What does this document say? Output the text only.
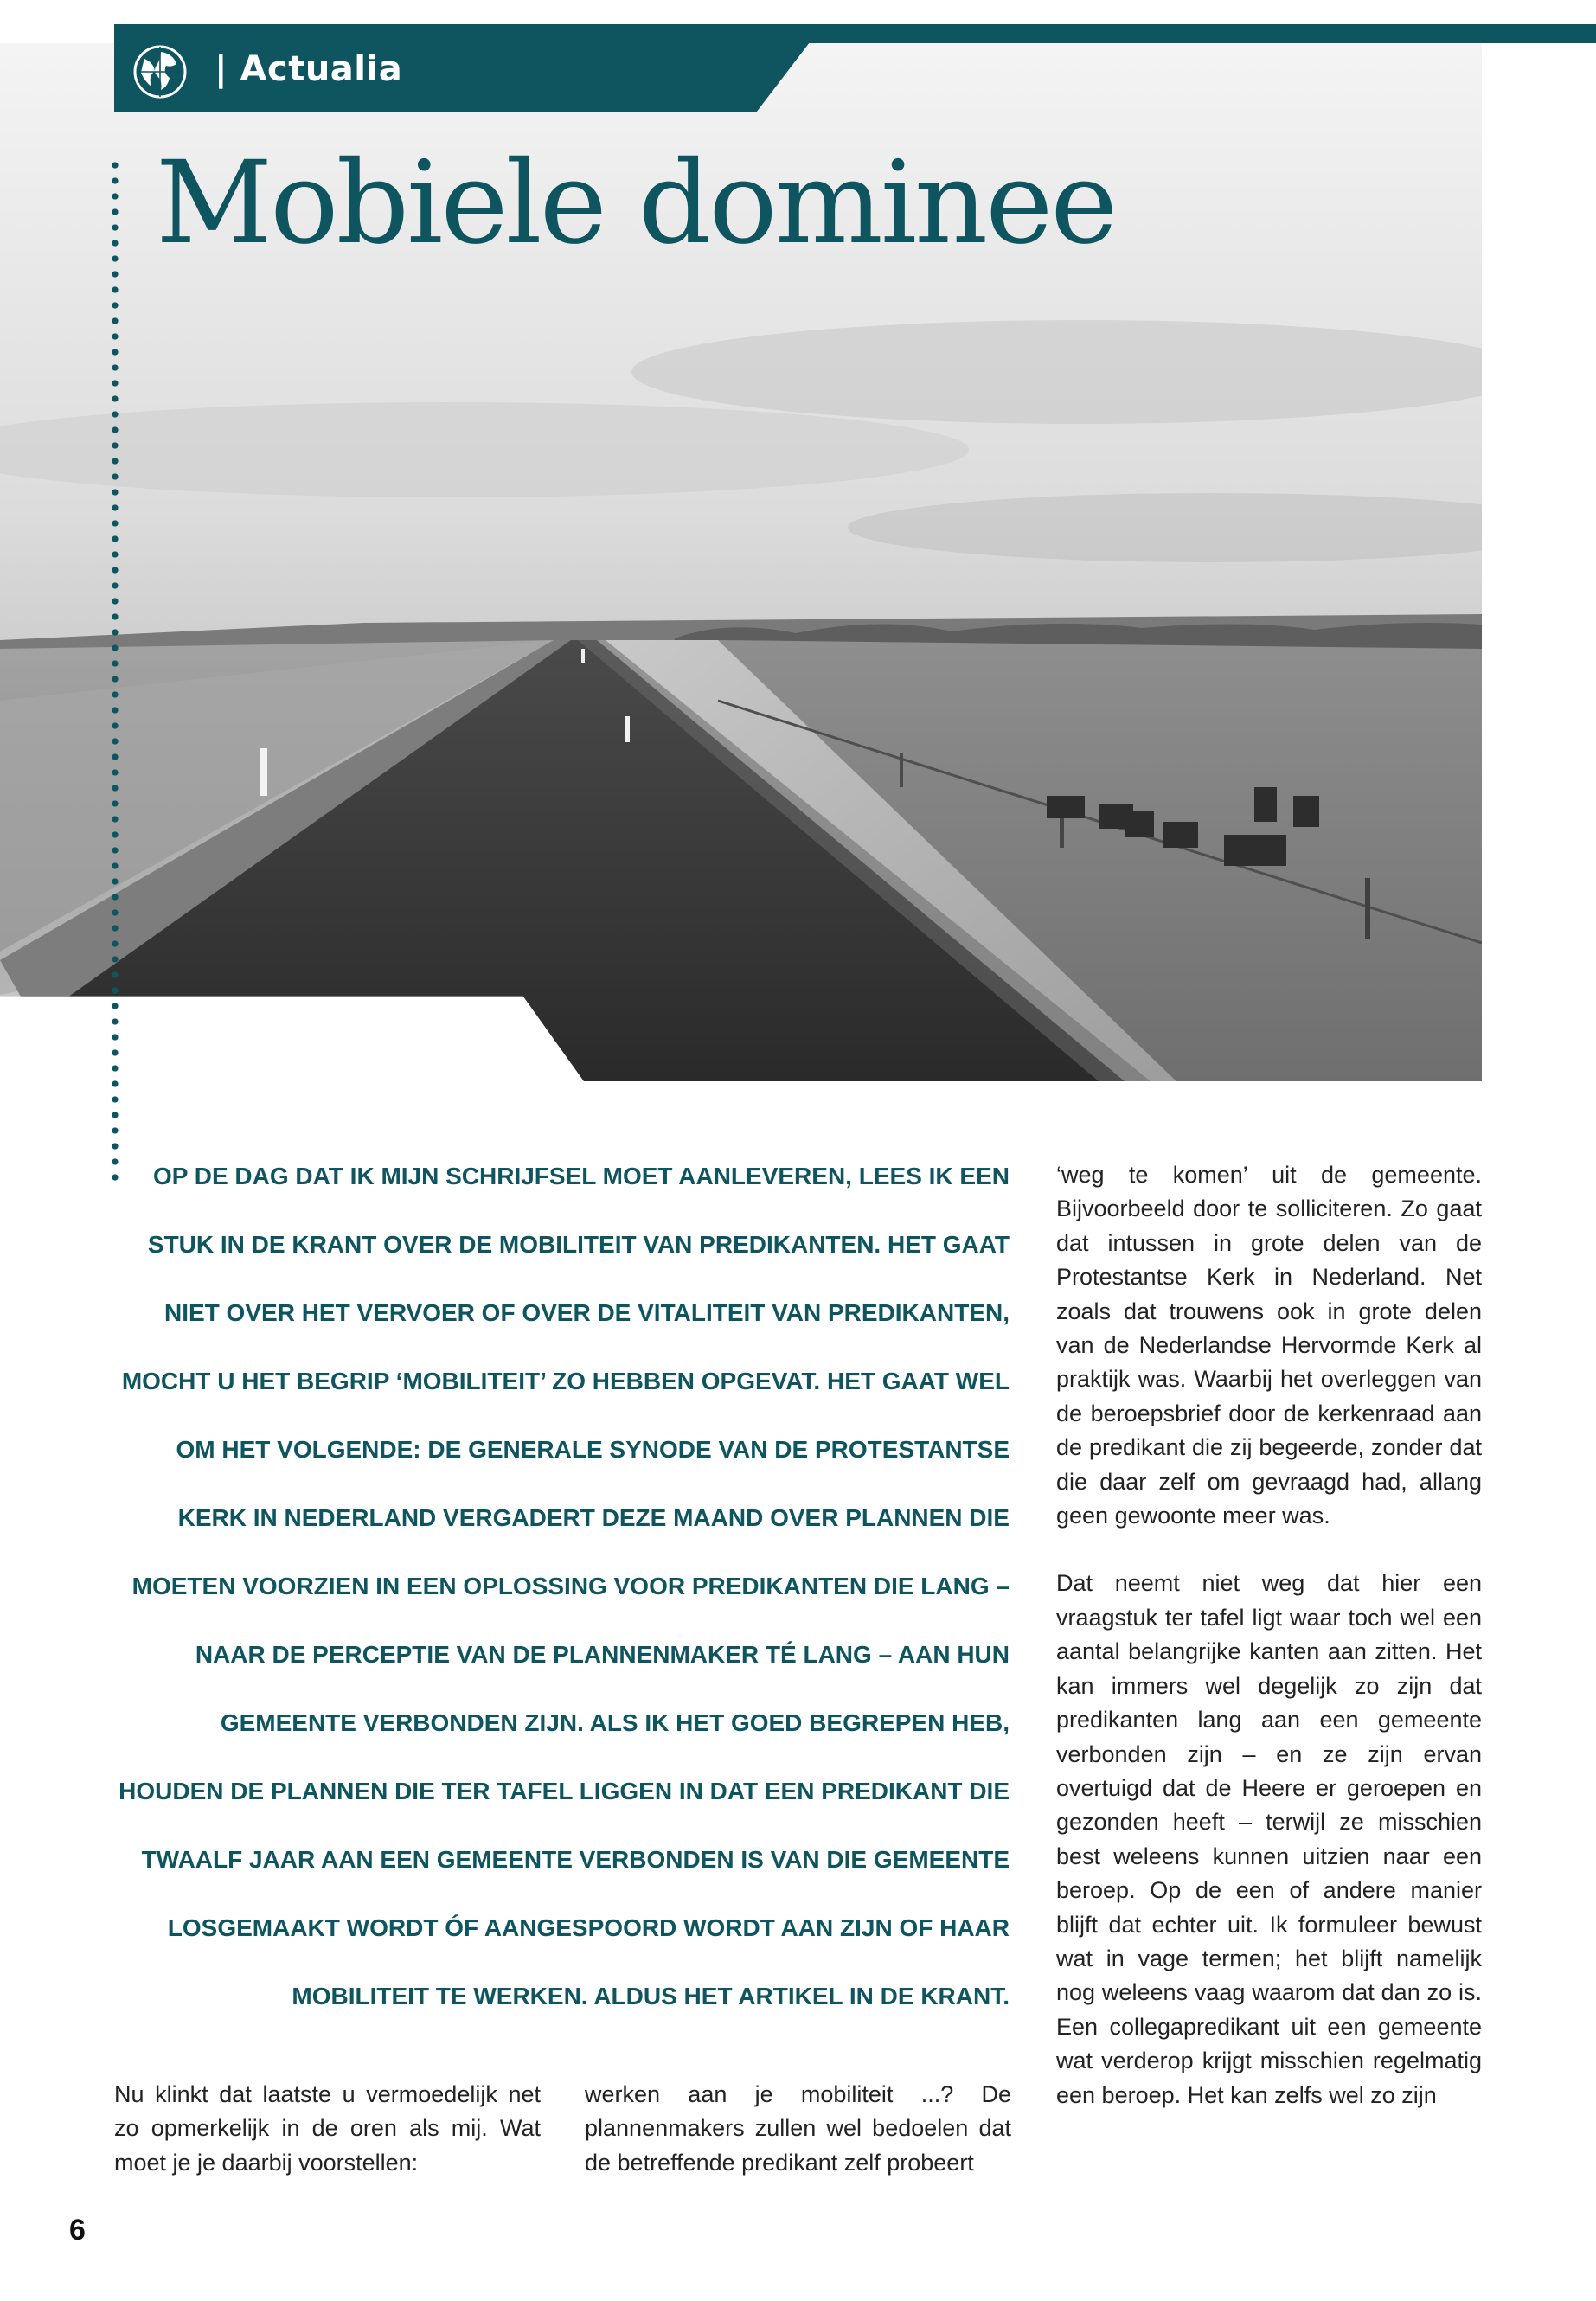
| Actualia
Mobiele dominee

OP DE DAG DAT IK MIJN SCHRIJFSEL MOET AANLEVEREN, LEES IK EEN STUK IN DE KRANT OVER DE MOBILITEIT VAN PREDIKANTEN. HET GAAT NIET OVER HET VERVOER OF OVER DE VITALITEIT VAN PREDIKANTEN, MOCHT U HET BEGRIP ‘MOBILITEIT’ ZO HEBBEN OPGEVAT. HET GAAT WEL OM HET VOLGENDE: DE GENERALE SYNODE VAN DE PROTESTANTSE KERK IN NEDERLAND VERGADERT DEZE MAAND OVER PLANNEN DIE MOETEN VOORZIEN IN EEN OPLOSSING VOOR PREDIKANTEN DIE LANG – NAAR DE PERCEPTIE VAN DE PLANNENMAKER TÉ LANG – AAN HUN GEMEENTE VERBONDEN ZIJN. ALS IK HET GOED BEGREPEN HEB, HOUDEN DE PLANNEN DIE TER TAFEL LIGGEN IN DAT EEN PREDIKANT DIE TWAALF JAAR AAN EEN GEMEENTE VERBONDEN IS VAN DIE GEMEENTE LOSGEMAAKT WORDT ÓF AANGESPOORD WORDT AAN ZIJN OF HAAR MOBILITEIT TE WERKEN. ALDUS HET ARTIKEL IN DE KRANT.

Nu klinkt dat laatste u vermoedelijk net zo opmerkelijk in de oren als mij. Wat moet je je daarbij voorstellen:

werken aan je mobiliteit ...? De plannenmakers zullen wel bedoelen dat de betreffende predikant zelf probeert

‘weg te komen’ uit de gemeente. Bijvoorbeeld door te solliciteren. Zo gaat dat intussen in grote delen van de Protestantse Kerk in Nederland. Net zoals dat trouwens ook in grote delen van de Nederlandse Hervormde Kerk al praktijk was. Waarbij het overleggen van de beroepsbrief door de kerkenraad aan de predikant die zij begeerde, zonder dat die daar zelf om gevraagd had, allang geen gewoonte meer was.

Dat neemt niet weg dat hier een vraagstuk ter tafel ligt waar toch wel een aantal belangrijke kanten aan zitten. Het kan immers wel degelijk zo zijn dat predikanten lang aan een gemeente verbonden zijn – en ze zijn ervan overtuigd dat de Heere er geroepen en gezonden heeft – terwijl ze misschien best weleens kunnen uitzien naar een beroep. Op de een of andere manier blijft dat echter uit. Ik formuleer bewust wat in vage termen; het blijft namelijk nog weleens vaag waarom dat dan zo is. Een collegapredikant uit een gemeente wat verderop krijgt misschien regelmatig een beroep. Het kan zelfs wel zo zijn

6
